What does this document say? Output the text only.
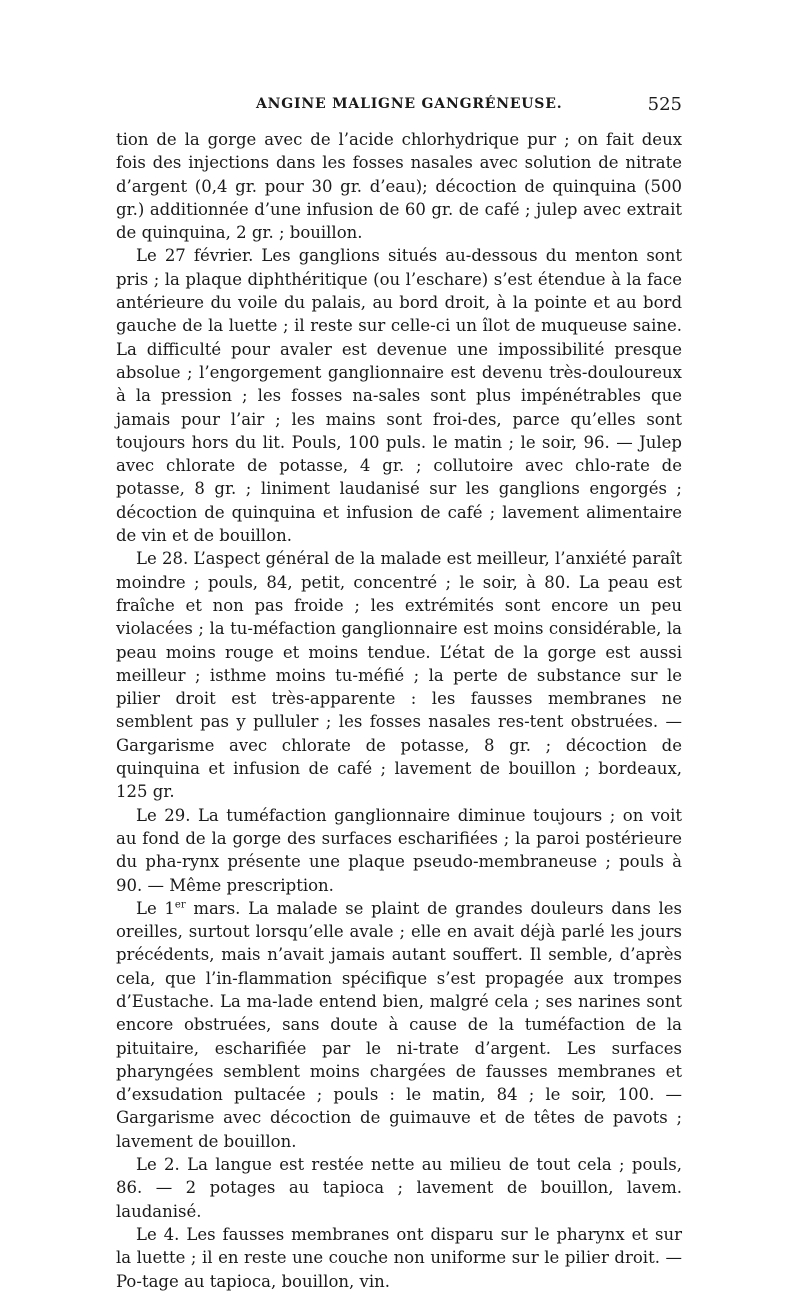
ANGINE MALIGNE GANGRÉNEUSE.	525

tion de la gorge avec de l’acide chlorhydrique pur ; on fait deux fois des injections dans les fosses nasales avec solution de nitrate d’argent (0,4 gr. pour 30 gr. d’eau); décoction de quinquina (500 gr.) additionnée d’une infusion de 60 gr. de café ; julep avec extrait de quinquina, 2 gr. ; bouillon.

Le 27 février. Les ganglions situés au-dessous du menton sont pris ; la plaque diphthéritique (ou l’eschare) s’est étendue à la face antérieure du voile du palais, au bord droit, à la pointe et au bord gauche de la luette ; il reste sur celle-ci un îlot de muqueuse saine. La difficulté pour avaler est devenue une impossibilité presque absolue ; l’engorgement ganglionnaire est devenu très-douloureux à la pression ; les fosses na-sales sont plus impénétrables que jamais pour l’air ; les mains sont froi-des, parce qu’elles sont toujours hors du lit. Pouls, 100 puls. le matin ; le soir, 96. — Julep avec chlorate de potasse, 4 gr. ; collutoire avec chlo-rate de potasse, 8 gr. ; liniment laudanisé sur les ganglions engorgés ; décoction de quinquina et infusion de café ; lavement alimentaire de vin et de bouillon.

Le 28. L’aspect général de la malade est meilleur, l’anxiété paraît moindre ; pouls, 84, petit, concentré ; le soir, à 80. La peau est fraîche et non pas froide ; les extrémités sont encore un peu violacées ; la tu-méfaction ganglionnaire est moins considérable, la peau moins rouge et moins tendue. L’état de la gorge est aussi meilleur ; isthme moins tu-méfié ; la perte de substance sur le pilier droit est très-apparente : les fausses membranes ne semblent pas y pulluler ; les fosses nasales res-tent obstruées. — Gargarisme avec chlorate de potasse, 8 gr. ; décoction de quinquina et infusion de café ; lavement de bouillon ; bordeaux, 125 gr.

Le 29. La tuméfaction ganglionnaire diminue toujours ; on voit au fond de la gorge des surfaces escharifiées ; la paroi postérieure du pha-rynx présente une plaque pseudo-membraneuse ; pouls à 90. — Même prescription.

Le 1er mars. La malade se plaint de grandes douleurs dans les oreilles, surtout lorsqu’elle avale ; elle en avait déjà parlé les jours précédents, mais n’avait jamais autant souffert. Il semble, d’après cela, que l’in-flammation spécifique s’est propagée aux trompes d’Eustache. La ma-lade entend bien, malgré cela ; ses narines sont encore obstruées, sans doute à cause de la tuméfaction de la pituitaire, escharifiée par le ni-trate d’argent. Les surfaces pharyngées semblent moins chargées de fausses membranes et d’exsudation pultacée ; pouls : le matin, 84 ; le soir, 100. — Gargarisme avec décoction de guimauve et de têtes de pavots ; lavement de bouillon.

Le 2. La langue est restée nette au milieu de tout cela ; pouls, 86. — 2 potages au tapioca ; lavement de bouillon, lavem. laudanisé.

Le 4. Les fausses membranes ont disparu sur le pharynx et sur la luette ; il en reste une couche non uniforme sur le pilier droit. — Po-tage au tapioca, bouillon, vin.
